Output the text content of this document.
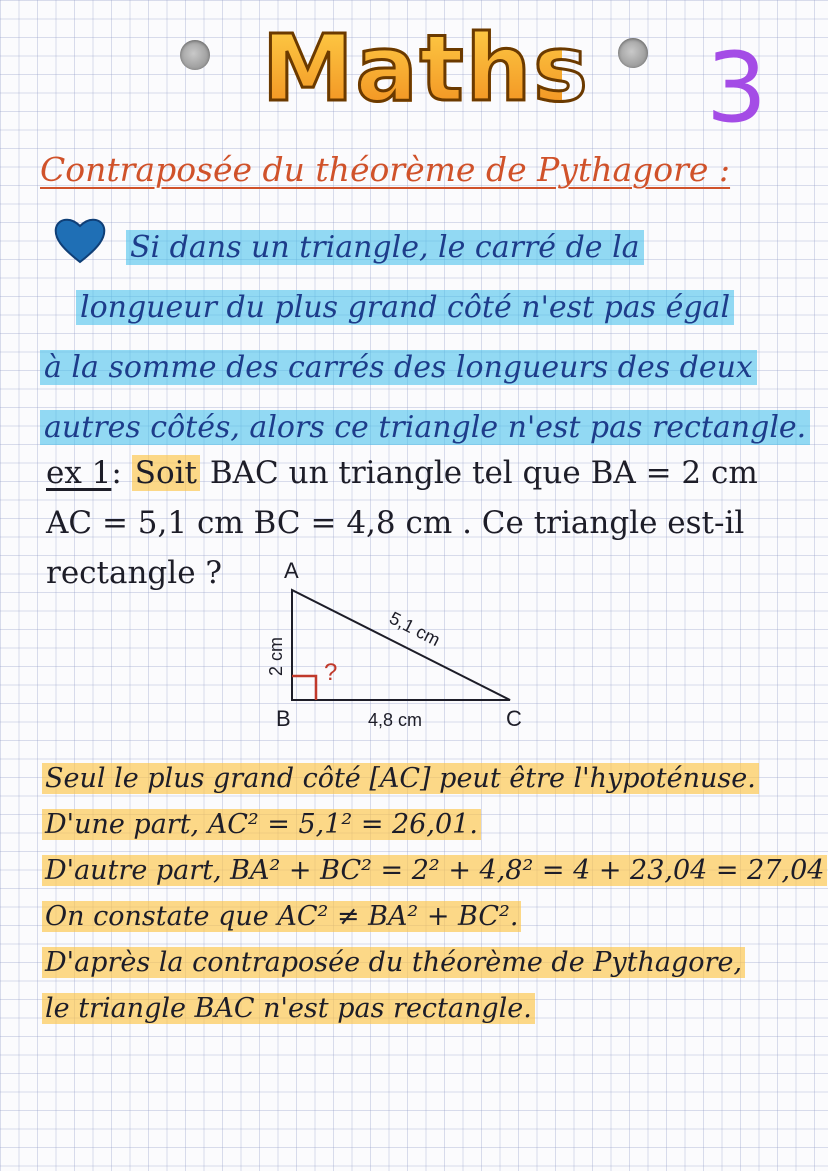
Maths 3
Contraposée du théorème de Pythagore :
Si dans un triangle, le carré de la
longueur du plus grand côté n'est pas égal
à la somme des carrés des longueurs des deux
autres côtés, alors ce triangle n'est pas rectangle.
ex 1: Soit BAC un triangle tel que BA = 2 cm
AC = 5,1 cm BC = 4,8 cm . Ce triangle est-il
rectangle ?	A
B	C
2 cm
5,1 cm
4,8 cm
?
Seul le plus grand côté [AC] peut être l'hypoténuse.
D'une part, AC² = 5,1² = 26,01.
D'autre part, BA² + BC² = 2² + 4,8² = 4 + 23,04 = 27,04
On constate que AC² ≠ BA² + BC².
D'après la contraposée du théorème de Pythagore,
le triangle BAC n'est pas rectangle.
